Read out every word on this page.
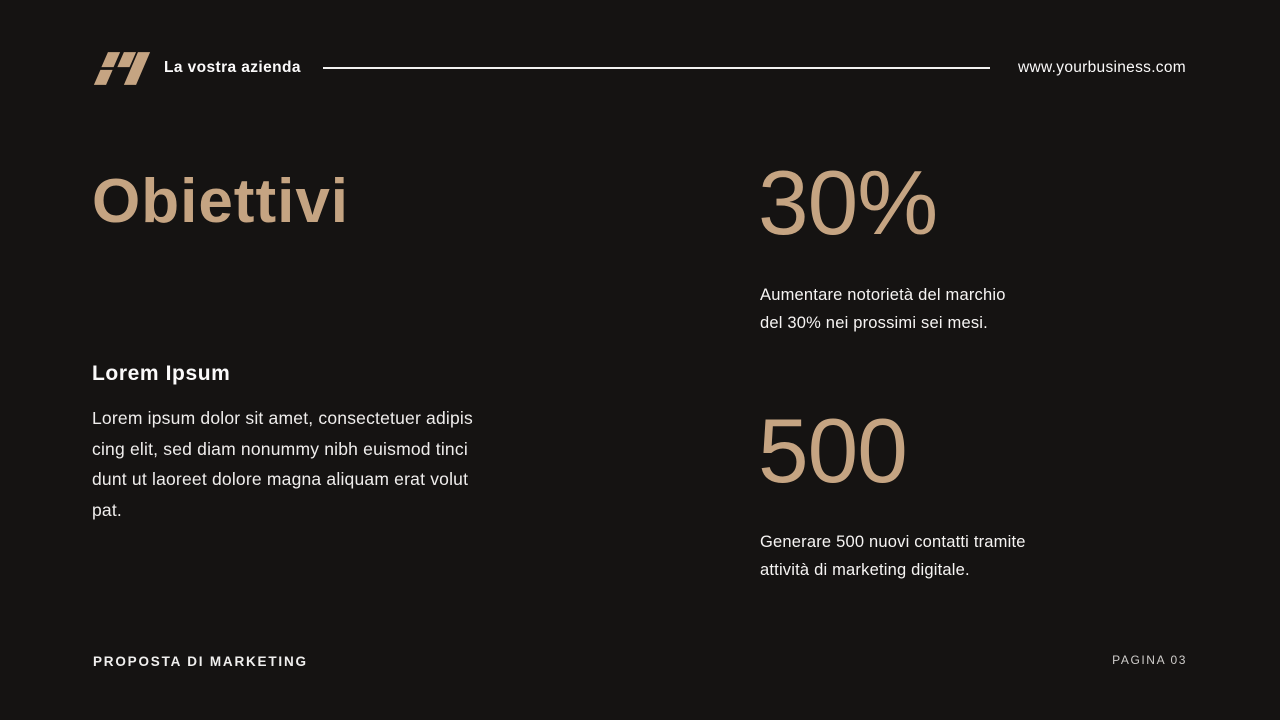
La vostra azienda	www.yourbusiness.com
Obiettivi
Lorem Ipsum
Lorem ipsum dolor sit amet, consectetuer adipis
cing elit, sed diam nonummy nibh euismod tinci
dunt ut laoreet dolore magna aliquam erat volut
pat.
30%
Aumentare notorietà del marchio
del 30% nei prossimi sei mesi.
500
Generare 500 nuovi contatti tramite
attività di marketing digitale.
PROPOSTA DI MARKETING	PAGINA 03
